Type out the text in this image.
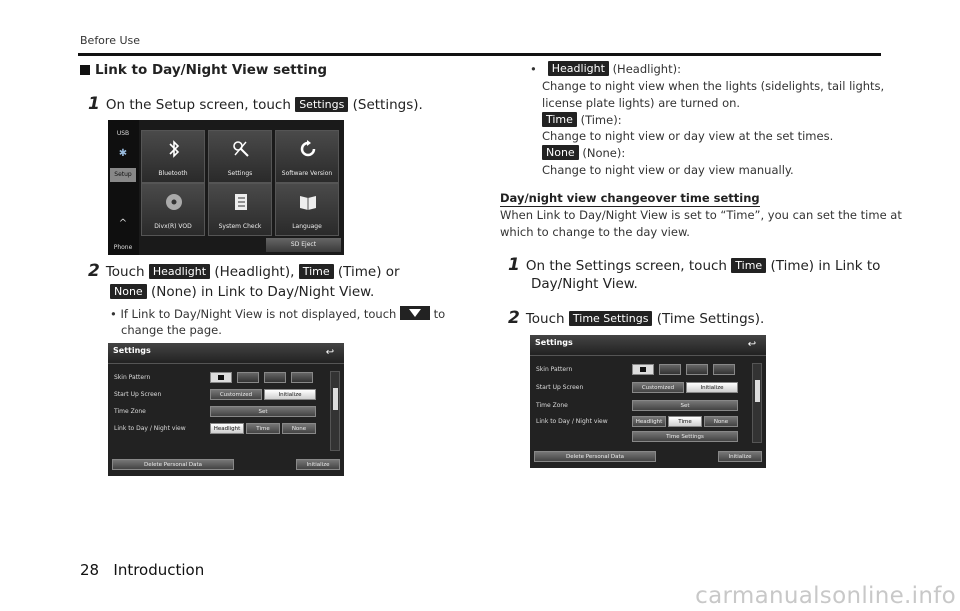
Before Use
Link to Day/Night View setting
1 On the Setup screen, touch Settings (Settings).
USB
✱
Setup
^
Phone
Bluetooth	Settings	Software Version
Divx(R) VOD	System Check	Language
SD Eject
2 Touch Headlight (Headlight), Time (Time) or
None (None) in Link to Day/Night View.
• If Link to Day/Night View is not displayed, touch	to
change the page.
Settings	↩
Skin Pattern
Start Up Screen
Time Zone
Link to Day / Night view
Customized	Initialize
Set
Headlight	Time	None
Delete Personal Data	Initialize
•   Headlight (Headlight):
Change to night view when the lights (sidelights, tail lights,
license plate lights) are turned on.
Time (Time):
Change to night view or day view at the set times.
None (None):
Change to night view or day view manually.
Day/night view changeover time setting
When Link to Day/Night View is set to “Time”, you can set the time at
which to change to the day view.
1 On the Settings screen, touch Time (Time) in Link to
Day/Night View.
2 Touch Time Settings (Time Settings).
Settings	↩
Skin Pattern
Start Up Screen
Time Zone
Link to Day / Night view
Customized	Initialize
Set
Headlight	Time	None
Time Settings
Delete Personal Data	Initialize
28 Introduction
carmanualsonline.info
